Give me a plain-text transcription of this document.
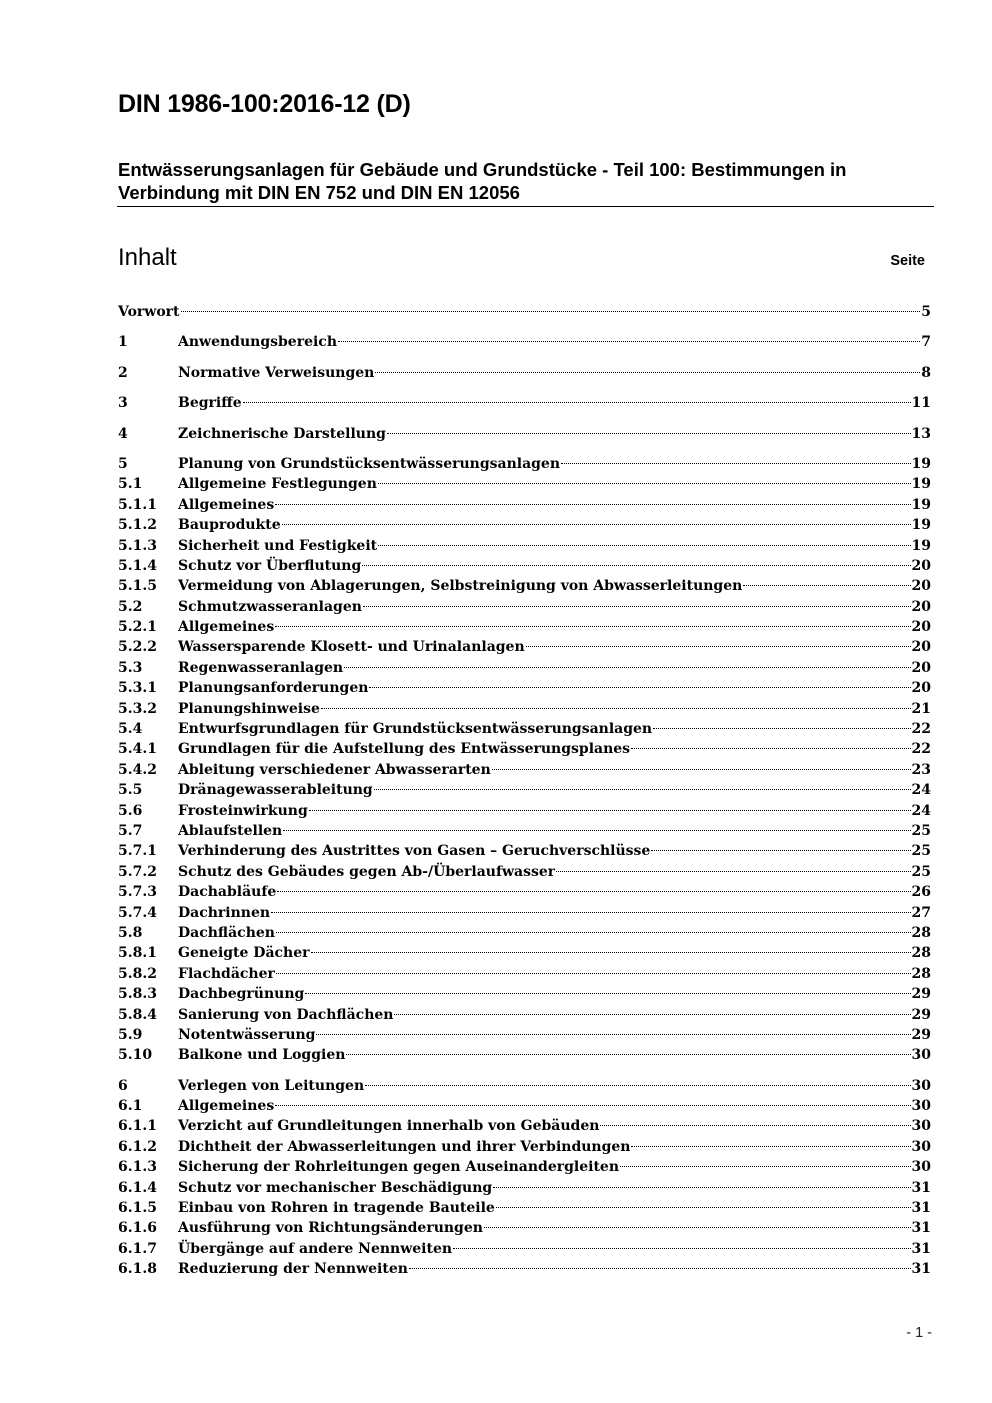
DIN 1986-100:2016-12 (D)
Entwässerungsanlagen für Gebäude und Grundstücke - Teil 100: Bestimmungen in Verbindung mit DIN EN 752 und DIN EN 12056
Inhalt	Seite
Vorwort	5
1	Anwendungsbereich	7
2	Normative Verweisungen	8
3	Begriffe	11
4	Zeichnerische Darstellung	13
5	Planung von Grundstücksentwässerungsanlagen	19
5.1	Allgemeine Festlegungen	19
5.1.1	Allgemeines	19
5.1.2	Bauprodukte	19
5.1.3	Sicherheit und Festigkeit	19
5.1.4	Schutz vor Überflutung	20
5.1.5	Vermeidung von Ablagerungen, Selbstreinigung von Abwasserleitungen	20
5.2	Schmutzwasseranlagen	20
5.2.1	Allgemeines	20
5.2.2	Wassersparende Klosett- und Urinalanlagen	20
5.3	Regenwasseranlagen	20
5.3.1	Planungsanforderungen	20
5.3.2	Planungshinweise	21
5.4	Entwurfsgrundlagen für Grundstücksentwässerungsanlagen	22
5.4.1	Grundlagen für die Aufstellung des Entwässerungsplanes	22
5.4.2	Ableitung verschiedener Abwasserarten	23
5.5	Dränagewasserableitung	24
5.6	Frosteinwirkung	24
5.7	Ablaufstellen	25
5.7.1	Verhinderung des Austrittes von Gasen – Geruchverschlüsse	25
5.7.2	Schutz des Gebäudes gegen Ab-/Überlaufwasser	25
5.7.3	Dachabläufe	26
5.7.4	Dachrinnen	27
5.8	Dachflächen	28
5.8.1	Geneigte Dächer	28
5.8.2	Flachdächer	28
5.8.3	Dachbegrünung	29
5.8.4	Sanierung von Dachflächen	29
5.9	Notentwässerung	29
5.10	Balkone und Loggien	30
6	Verlegen von Leitungen	30
6.1	Allgemeines	30
6.1.1	Verzicht auf Grundleitungen innerhalb von Gebäuden	30
6.1.2	Dichtheit der Abwasserleitungen und ihrer Verbindungen	30
6.1.3	Sicherung der Rohrleitungen gegen Auseinandergleiten	30
6.1.4	Schutz vor mechanischer Beschädigung	31
6.1.5	Einbau von Rohren in tragende Bauteile	31
6.1.6	Ausführung von Richtungsänderungen	31
6.1.7	Übergänge auf andere Nennweiten	31
6.1.8	Reduzierung der Nennweiten	31
- 1 -
